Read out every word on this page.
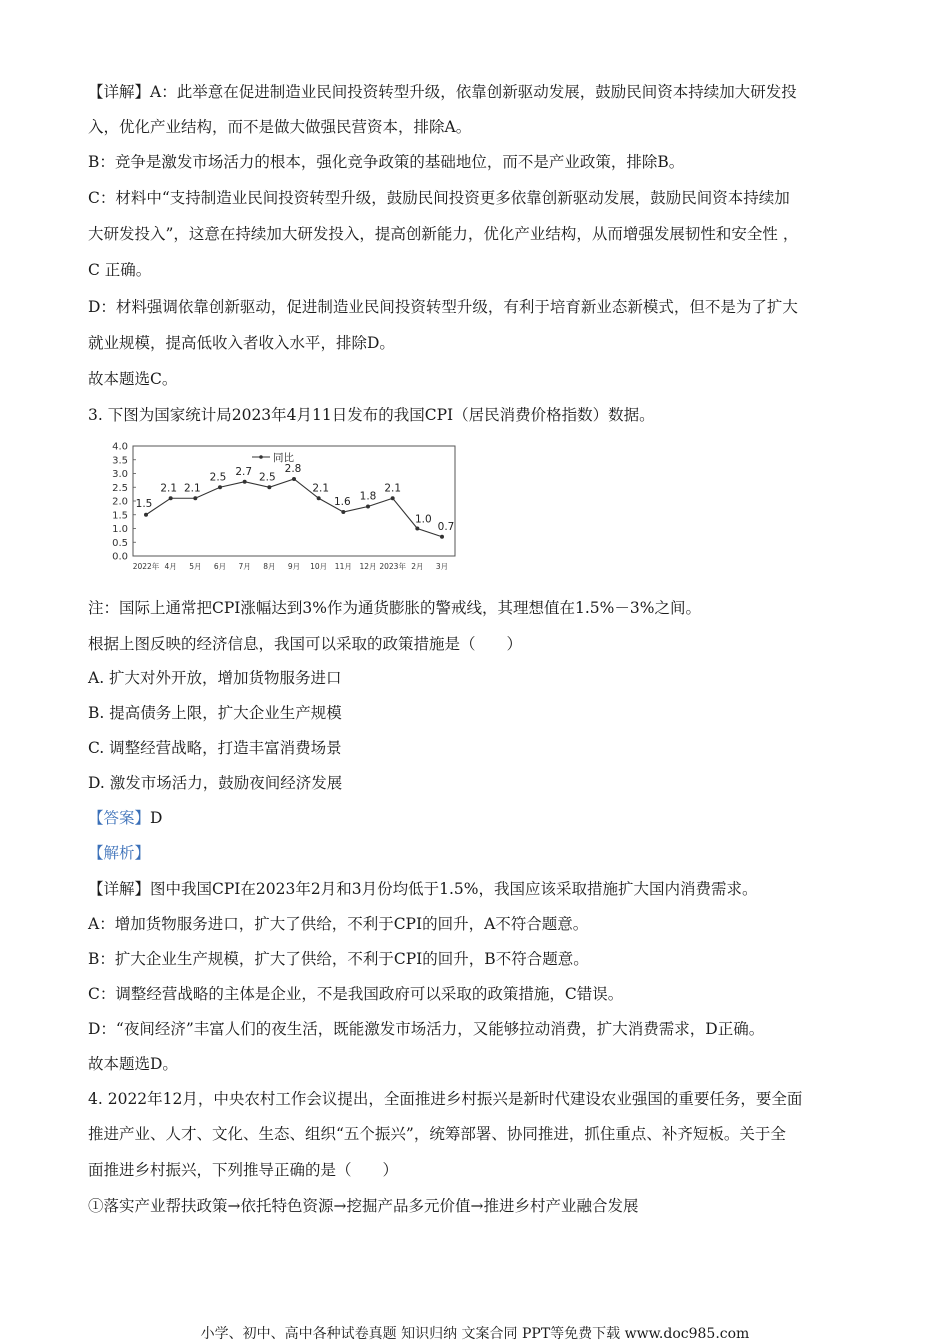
【详解】A：此举意在促进制造业民间投资转型升级，依靠创新驱动发展，鼓励民间资本持续加大研发投
入，优化产业结构，而不是做大做强民营资本，排除A。
B：竞争是激发市场活力的根本，强化竞争政策的基础地位，而不是产业政策，排除B。
C：材料中“支持制造业民间投资转型升级，鼓励民间投资更多依靠创新驱动发展，鼓励民间资本持续加
大研发投入”，这意在持续加大研发投入，提高创新能力，优化产业结构，从而增强发展韧性和安全性 ，
C 正确。
D：材料强调依靠创新驱动，促进制造业民间投资转型升级，有利于培育新业态新模式，但不是为了扩大
就业规模，提高低收入者收入水平，排除D。
故本题选C。
3. 下图为国家统计局2023年4月11日发布的我国CPI（居民消费价格指数）数据。
注：国际上通常把CPI涨幅达到3%作为通货膨胀的警戒线，其理想值在1.5%－3%之间。
根据上图反映的经济信息，我国可以采取的政策措施是（　　）
A. 扩大对外开放，增加货物服务进口
B. 提高债务上限，扩大企业生产规模
C. 调整经营战略，打造丰富消费场景
D. 激发市场活力，鼓励夜间经济发展
【答案】D
【解析】
【详解】图中我国CPI在2023年2月和3月份均低于1.5%，我国应该采取措施扩大国内消费需求。
A：增加货物服务进口，扩大了供给，不利于CPI的回升，A不符合题意。
B：扩大企业生产规模，扩大了供给，不利于CPI的回升，B不符合题意。
C：调整经营战略的主体是企业，不是我国政府可以采取的政策措施，C错误。
D：“夜间经济”丰富人们的夜生活，既能激发市场活力，又能够拉动消费，扩大消费需求，D正确。
故本题选D。
4. 2022年12月，中央农村工作会议提出，全面推进乡村振兴是新时代建设农业强国的重要任务，要全面
推进产业、人才、文化、生态、组织“五个振兴”，统筹部署、协同推进，抓住重点、补齐短板。关于全
面推进乡村振兴，下列推导正确的是（　　）
①落实产业帮扶政策→依托特色资源→挖掘产品多元价值→推进乡村产业融合发展
0.0
0.5
1.0
1.5
2.0
2.5
3.0
3.5
4.0
2022年 4月 5月 6月 7月 8月 9月 10月 11月 12月 2023年 2月 3月
1.5
2.1 2.1
2.5 2.7 2.5
2.8
2.1
1.6 1.8
2.1
1.0
0.7
同比
小学、初中、高中各种试卷真题 知识归纳 文案合同 PPT等免费下载 www.doc985.com
